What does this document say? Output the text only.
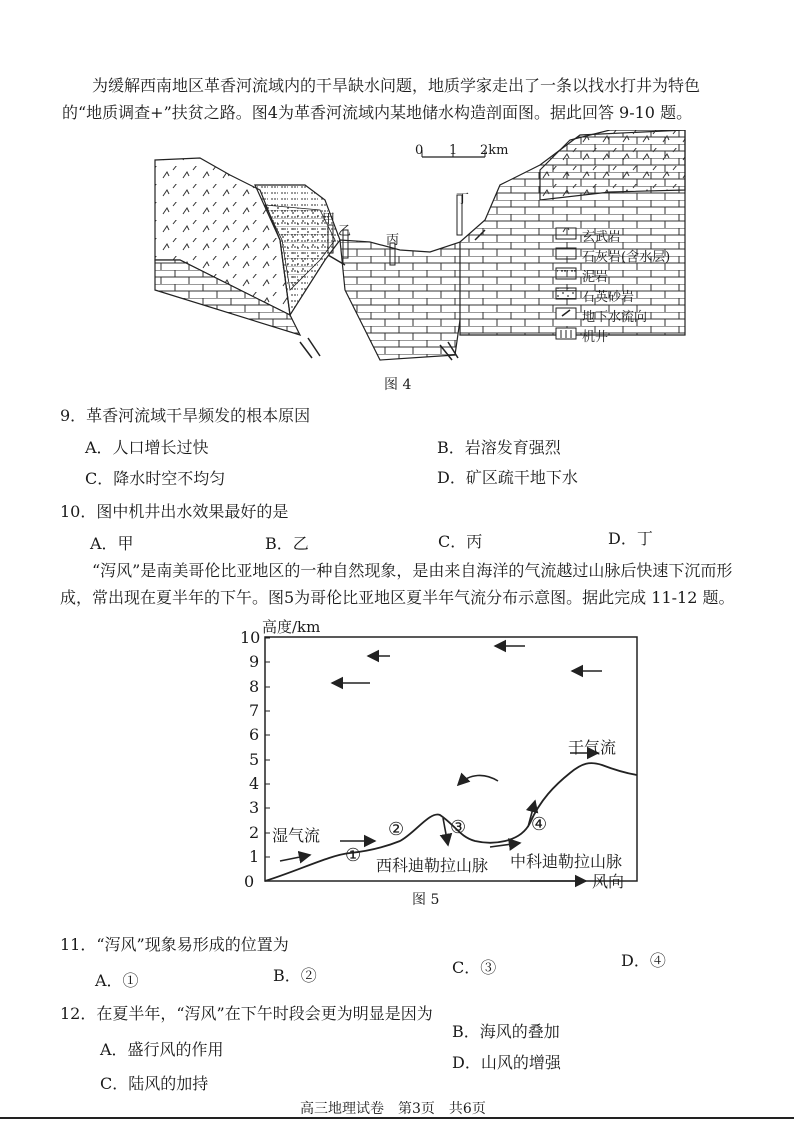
为缓解西南地区革香河流域内的干旱缺水问题，地质学家走出了一条以找水打井为特色
的“地质调查+”扶贫之路。图4为革香河流域内某地储水构造剖面图。据此回答 9-10 题。
0 1 2km
甲
乙
丙
丁
玄武岩
石灰岩(含水层)
泥岩
石英砂岩
地下水流向
机井
图 4
9．革香河流域干旱频发的根本原因
A．人口增长过快	B．岩溶发育强烈
C．降水时空不均匀	D．矿区疏干地下水
10．图中机井出水效果最好的是
A．甲	B．乙	C．丙	D．丁
“泻风”是南美哥伦比亚地区的一种自然现象，是由来自海洋的气流越过山脉后快速下沉而形
成，常出现在夏半年的下午。图5为哥伦比亚地区夏半年气流分布示意图。据此完成 11-12 题。
高度/km
0
1
2
3
4
5
6
7
8
9
10
湿气流
干气流
西科迪勒拉山脉 中科迪勒拉山脉
风向
①
②	③	④
图 5
11．“泻风”现象易形成的位置为
A．①	B．②	C．③	D．④
12．在夏半年，“泻风”在下午时段会更为明显是因为
B．海风的叠加
A．盛行风的作用
D．山风的增强
C．陆风的加持
高三地理试卷　第3页　共6页
